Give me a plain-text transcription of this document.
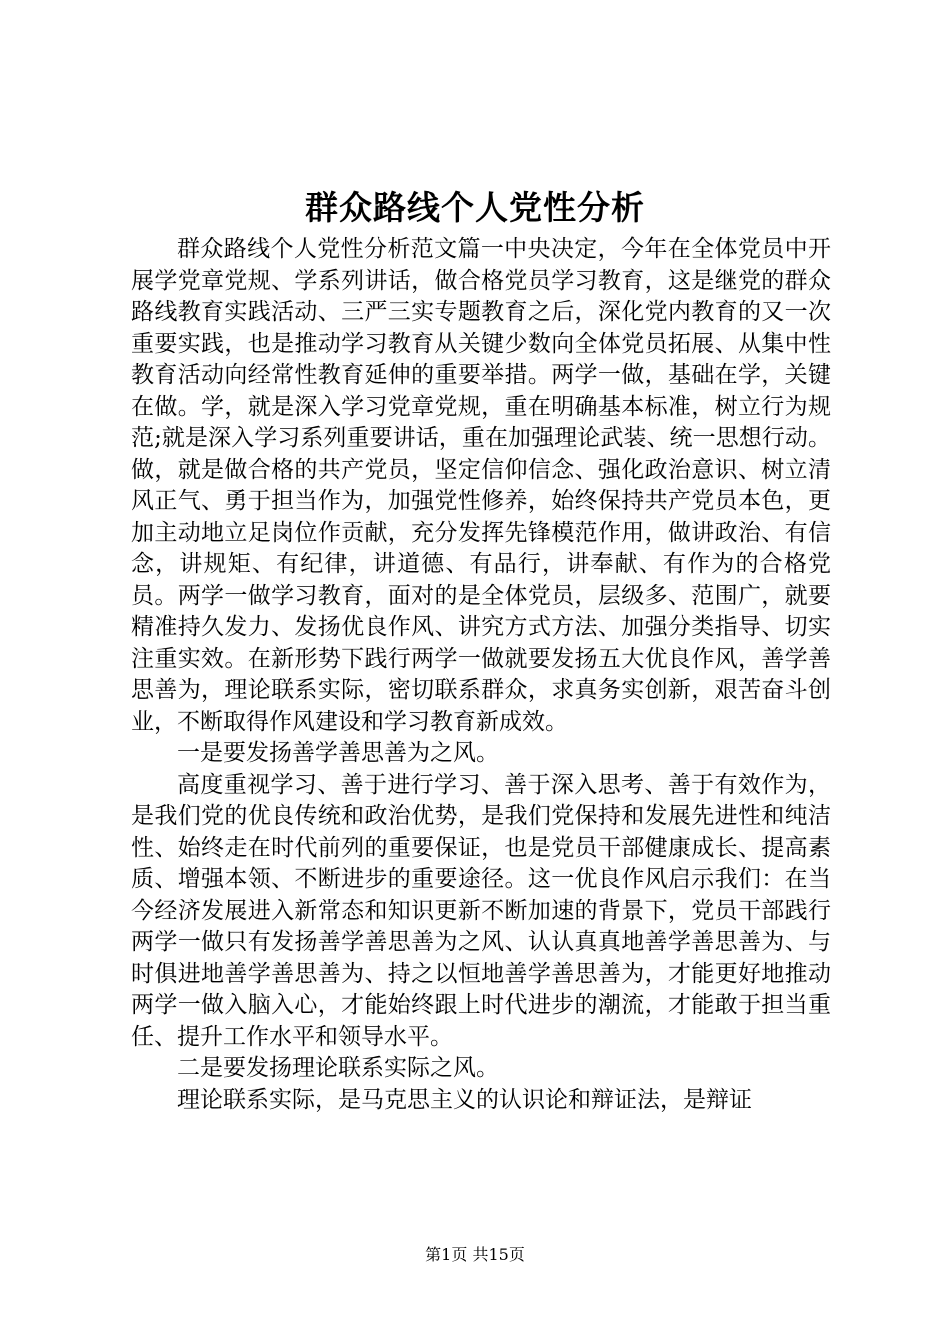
群众路线个人党性分析

群众路线个人党性分析范文篇一中央决定，今年在全体党员中开展学党章党规、学系列讲话，做合格党员学习教育，这是继党的群众路线教育实践活动、三严三实专题教育之后，深化党内教育的又一次重要实践，也是推动学习教育从关键少数向全体党员拓展、从集中性教育活动向经常性教育延伸的重要举措。两学一做，基础在学，关键在做。学，就是深入学习党章党规，重在明确基本标准，树立行为规范;就是深入学习系列重要讲话，重在加强理论武装、统一思想行动。做，就是做合格的共产党员，坚定信仰信念、强化政治意识、树立清风正气、勇于担当作为，加强党性修养，始终保持共产党员本色，更加主动地立足岗位作贡献，充分发挥先锋模范作用，做讲政治、有信念，讲规矩、有纪律，讲道德、有品行，讲奉献、有作为的合格党员。两学一做学习教育，面对的是全体党员，层级多、范围广，就要精准持久发力、发扬优良作风、讲究方式方法、加强分类指导、切实注重实效。在新形势下践行两学一做就要发扬五大优良作风，善学善思善为，理论联系实际，密切联系群众，求真务实创新，艰苦奋斗创业，不断取得作风建设和学习教育新成效。

一是要发扬善学善思善为之风。

高度重视学习、善于进行学习、善于深入思考、善于有效作为，是我们党的优良传统和政治优势，是我们党保持和发展先进性和纯洁性、始终走在时代前列的重要保证，也是党员干部健康成长、提高素质、增强本领、不断进步的重要途径。这一优良作风启示我们：在当今经济发展进入新常态和知识更新不断加速的背景下，党员干部践行两学一做只有发扬善学善思善为之风、认认真真地善学善思善为、与时俱进地善学善思善为、持之以恒地善学善思善为，才能更好地推动两学一做入脑入心，才能始终跟上时代进步的潮流，才能敢于担当重任、提升工作水平和领导水平。

二是要发扬理论联系实际之风。

理论联系实际，是马克思主义的认识论和辩证法，是辩证

第1页 共15页
